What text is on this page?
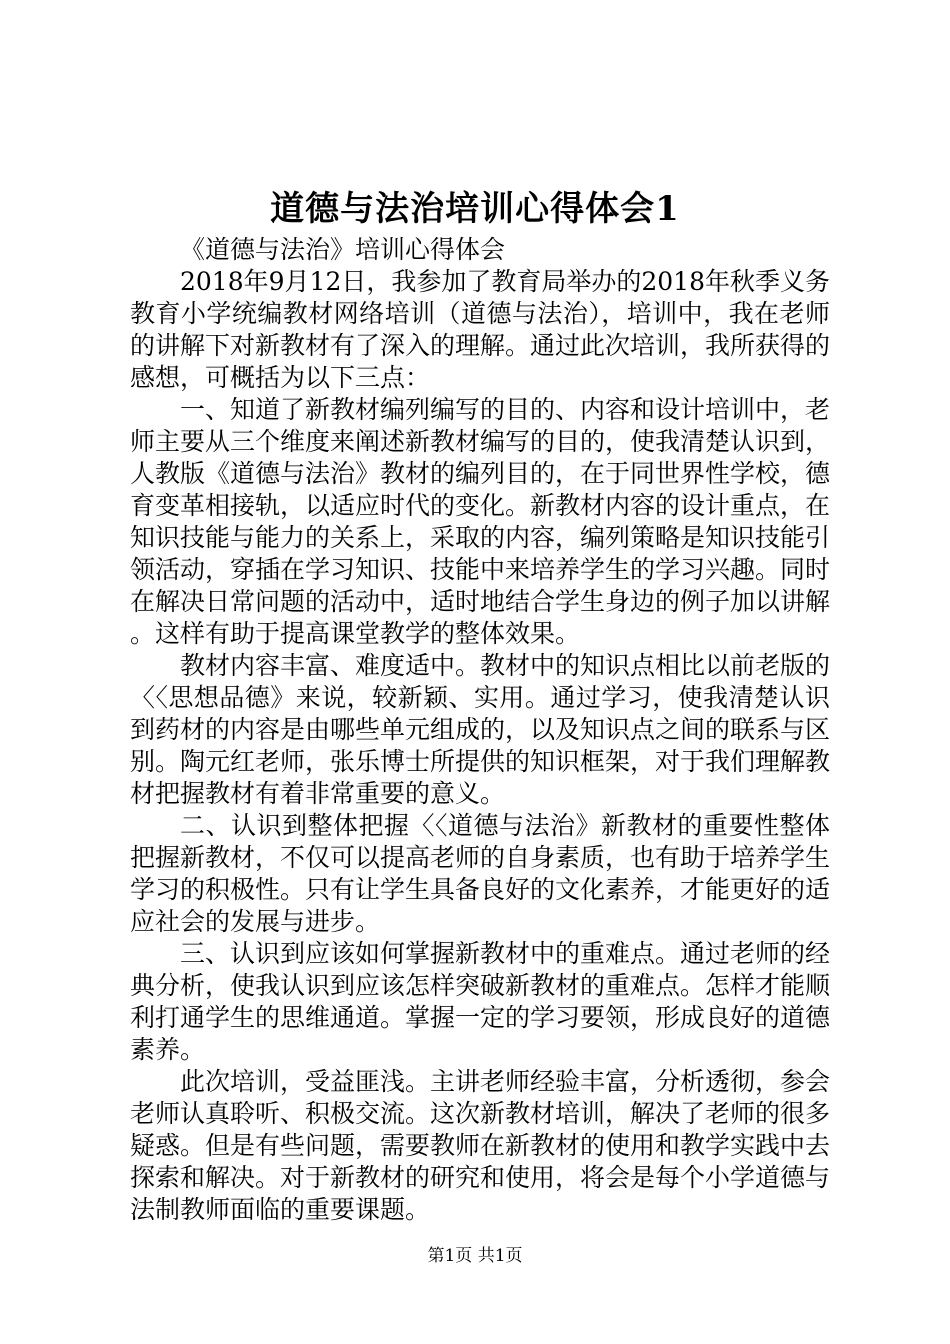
道德与法治培训心得体会1

《道德与法治》培训心得体会

2018年9月12日，我参加了教育局举办的2018年秋季义务教育小学统编教材网络培训（道德与法治），培训中，我在老师的讲解下对新教材有了深入的理解。通过此次培训，我所获得的感想，可概括为以下三点：

一、知道了新教材编列编写的目的、内容和设计培训中，老师主要从三个维度来阐述新教材编写的目的，使我清楚认识到，人教版《道德与法治》教材的编列目的，在于同世界性学校，德育变革相接轨，以适应时代的变化。新教材内容的设计重点，在知识技能与能力的关系上，采取的内容，编列策略是知识技能引领活动，穿插在学习知识、技能中来培养学生的学习兴趣。同时在解决日常问题的活动中，适时地结合学生身边的例子加以讲解。这样有助于提高课堂教学的整体效果。

教材内容丰富、难度适中。教材中的知识点相比以前老版的〈〈思想品德》来说，较新颖、实用。通过学习，使我清楚认识到药材的内容是由哪些单元组成的，以及知识点之间的联系与区别。陶元红老师，张乐博士所提供的知识框架，对于我们理解教材把握教材有着非常重要的意义。

二、认识到整体把握〈〈道德与法治》新教材的重要性整体把握新教材，不仅可以提高老师的自身素质，也有助于培养学生学习的积极性。只有让学生具备良好的文化素养，才能更好的适应社会的发展与进步。

三、认识到应该如何掌握新教材中的重难点。通过老师的经典分析，使我认识到应该怎样突破新教材的重难点。怎样才能顺利打通学生的思维通道。掌握一定的学习要领，形成良好的道德素养。

此次培训，受益匪浅。主讲老师经验丰富，分析透彻，参会老师认真聆听、积极交流。这次新教材培训，解决了老师的很多疑惑。但是有些问题，需要教师在新教材的使用和教学实践中去探索和解决。对于新教材的研究和使用，将会是每个小学道德与法制教师面临的重要课题。

第1页 共1页
